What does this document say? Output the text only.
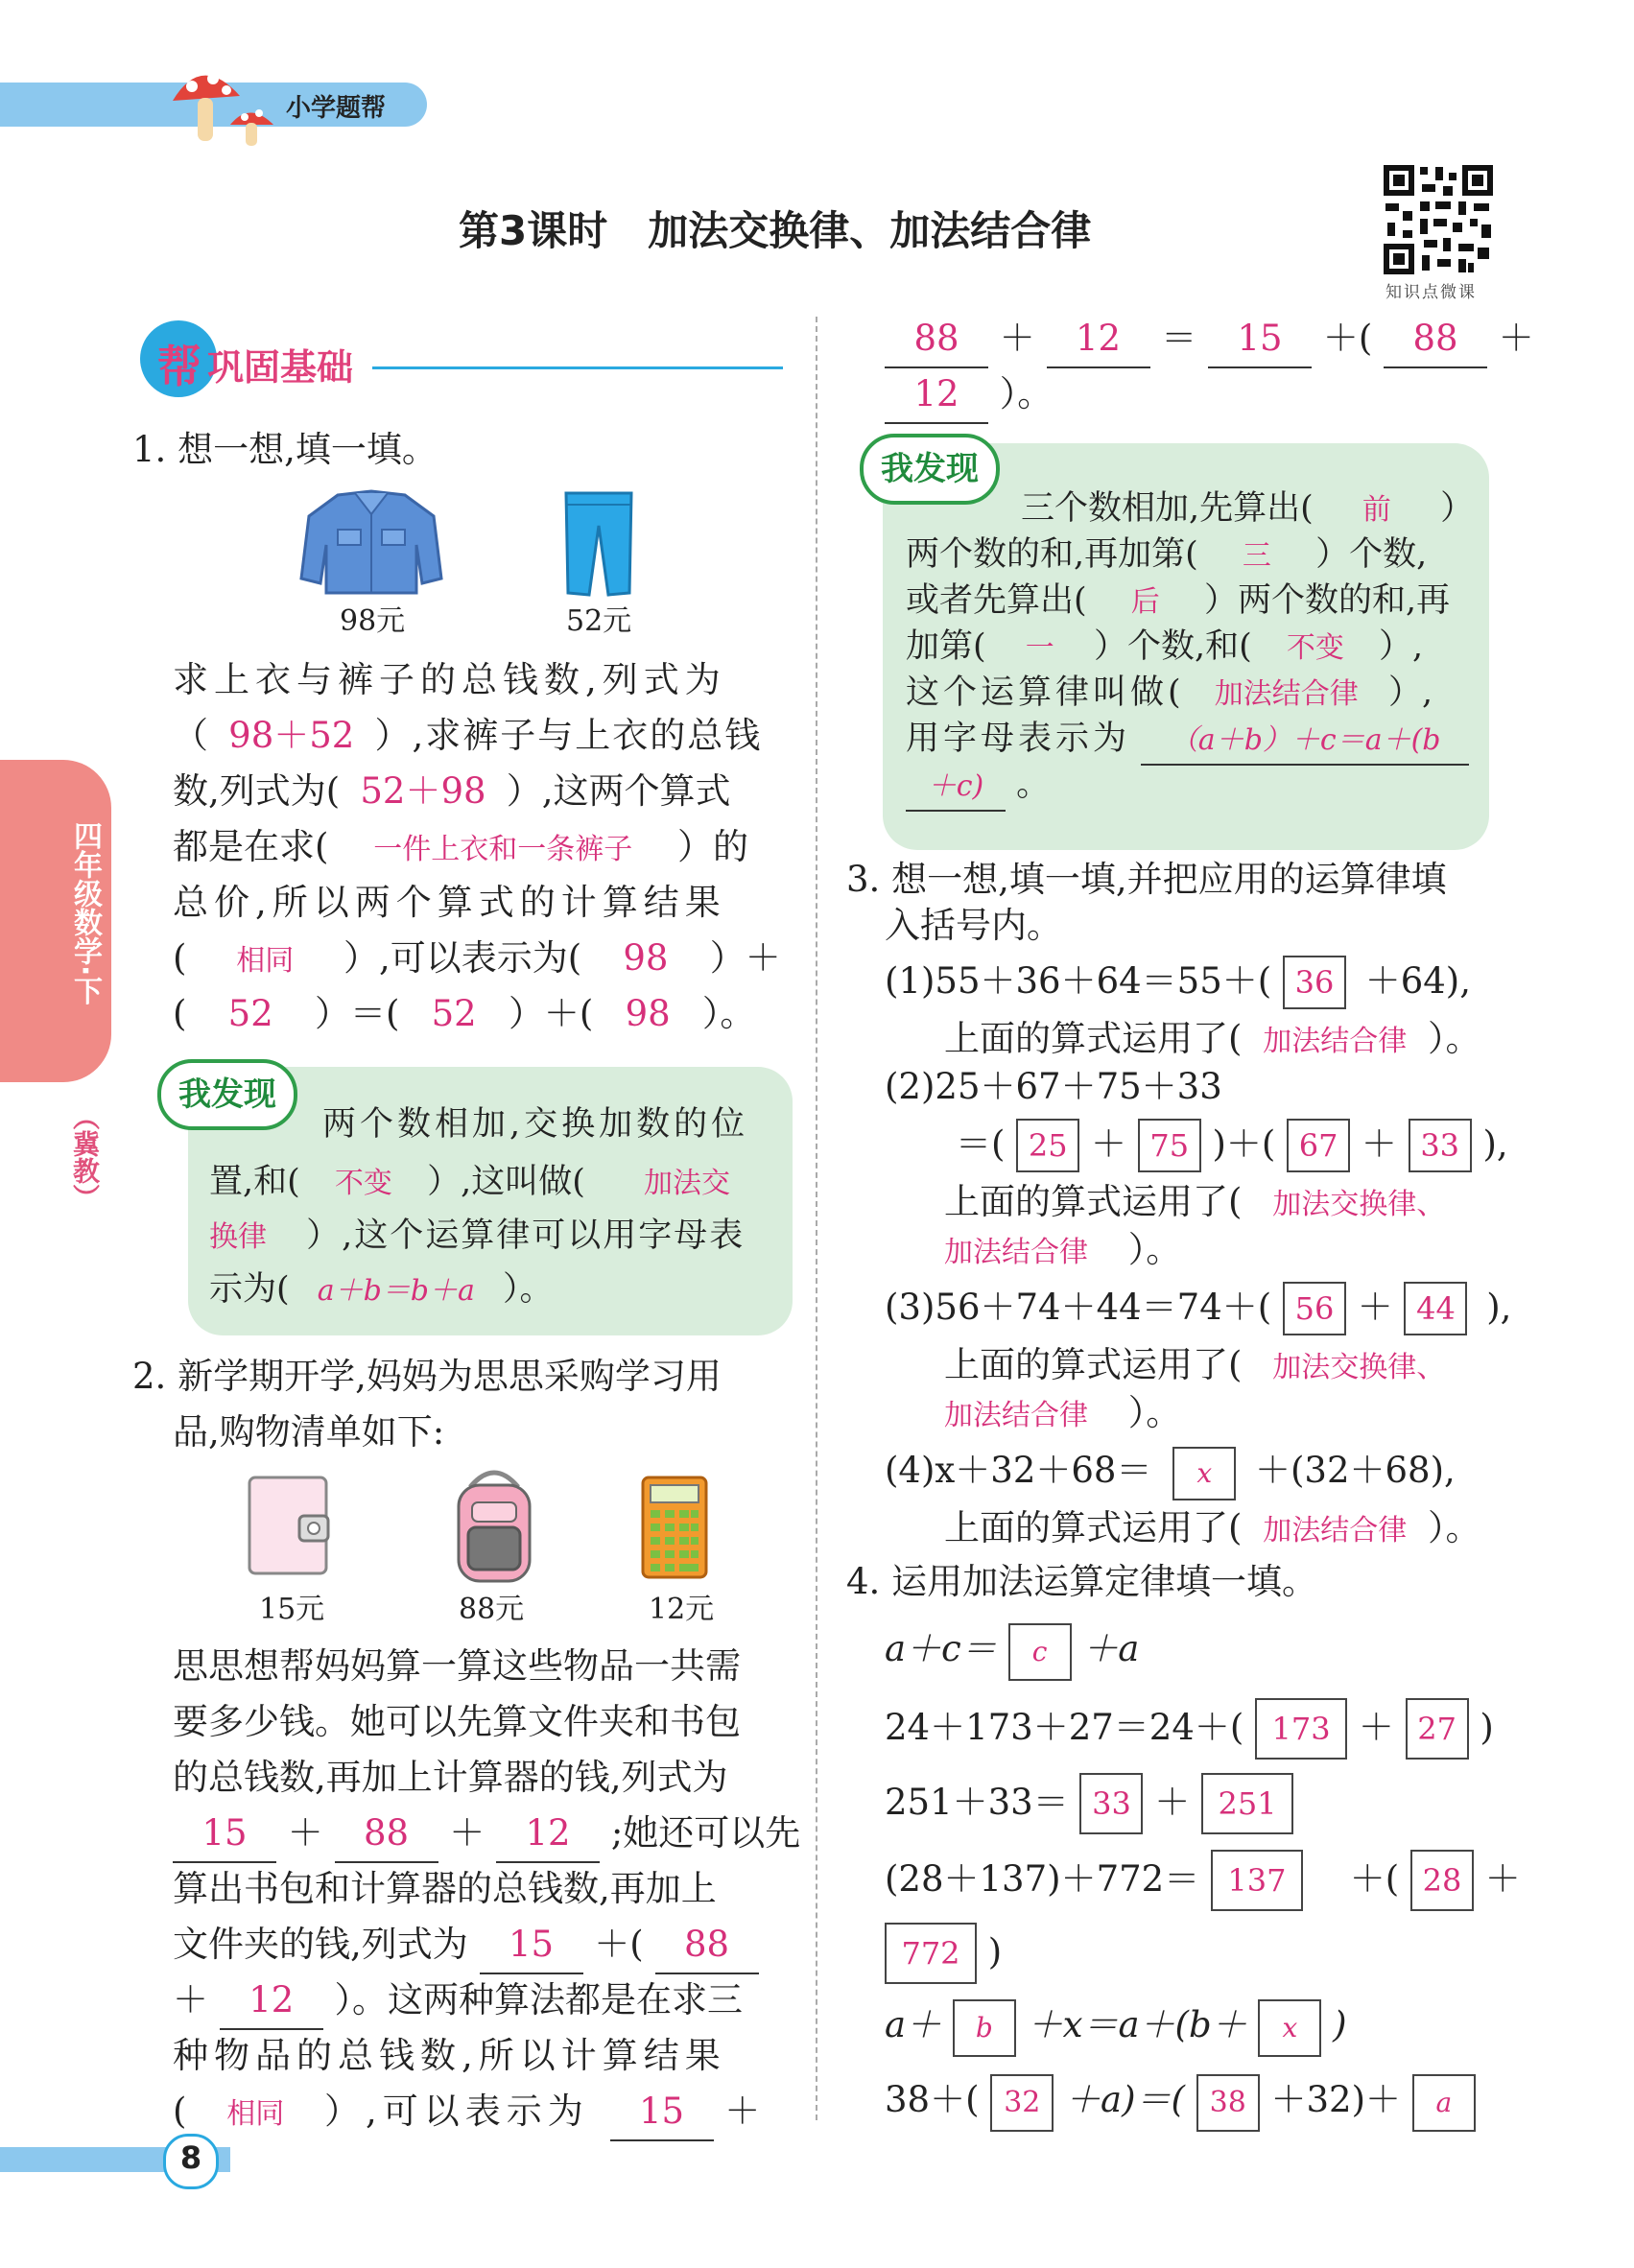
小学题帮
第3课时　加法交换律、加法结合律
知识点微课
帮 巩固基础
四年级数学·下
（冀教）
1. 想一想,填一填。
98元	52元
求上衣与裤子的总钱数,列式为
（ 98＋52 ）,求裤子与上衣的总钱
数,列式为( 52＋98 ）,这两个算式
都是在求( 一件上衣和一条裤子 ）的
总价,所以两个算式的计算结果
( 相同 ）,可以表示为( 98 ）＋
( 52 ）＝( 52 ）＋( 98 ）。
我发现
两个数相加,交换加数的位
置,和( 不变 ）,这叫做( 加法交
换律 ）,这个运算律可以用字母表
示为( a＋b＝b＋a ）。
2. 新学期开学,妈妈为思思采购学习用
品,购物清单如下:
15元	88元	12元
思思想帮妈妈算一算这些物品一共需
要多少钱。她可以先算文件夹和书包
的总钱数,再加上计算器的钱,列式为
15 ＋ 88 ＋ 12 ;她还可以先
算出书包和计算器的总钱数,再加上
文件夹的钱,列式为 15 ＋( 88
＋ 12 ）。这两种算法都是在求三
种物品的总钱数,所以计算结果
( 相同 ）,可以表示为 15 ＋
88 ＋ 12 ＝ 15 ＋( 88 ＋
12 ）。
我发现
三个数相加,先算出( 前 ）
两个数的和,再加第( 三 ）个数,
或者先算出( 后 ）两个数的和,再
加第( 一 ）个数,和( 不变 ）,
这个运算律叫做( 加法结合律 ）,
用字母表示为 （a＋b）＋c＝a＋(b
＋c) 。
3. 想一想,填一填,并把应用的运算律填
入括号内。
(1)55＋36＋64＝55＋( 36 ＋64),
上面的算式运用了( 加法结合律 ）。
(2)25＋67＋75＋33
＝( 25 ＋ 75 )＋( 67 ＋ 33 ),
上面的算式运用了( 加法交换律、
加法结合律 ）。
(3)56＋74＋44＝74＋( 56 ＋ 44 ),
上面的算式运用了( 加法交换律、
加法结合律 ）。
(4)x＋32＋68＝ x ＋(32＋68),
上面的算式运用了( 加法结合律 ）。
4. 运用加法运算定律填一填。
a＋c＝ c ＋a
24＋173＋27＝24＋( 173 ＋ 27 )
251＋33＝ 33 ＋ 251
(28＋137)＋772＝ 137 　＋( 28 ＋
772 )
a＋ b ＋x＝a＋(b＋ x )
38＋( 32 ＋a)＝( 38 ＋32)＋ a
8
